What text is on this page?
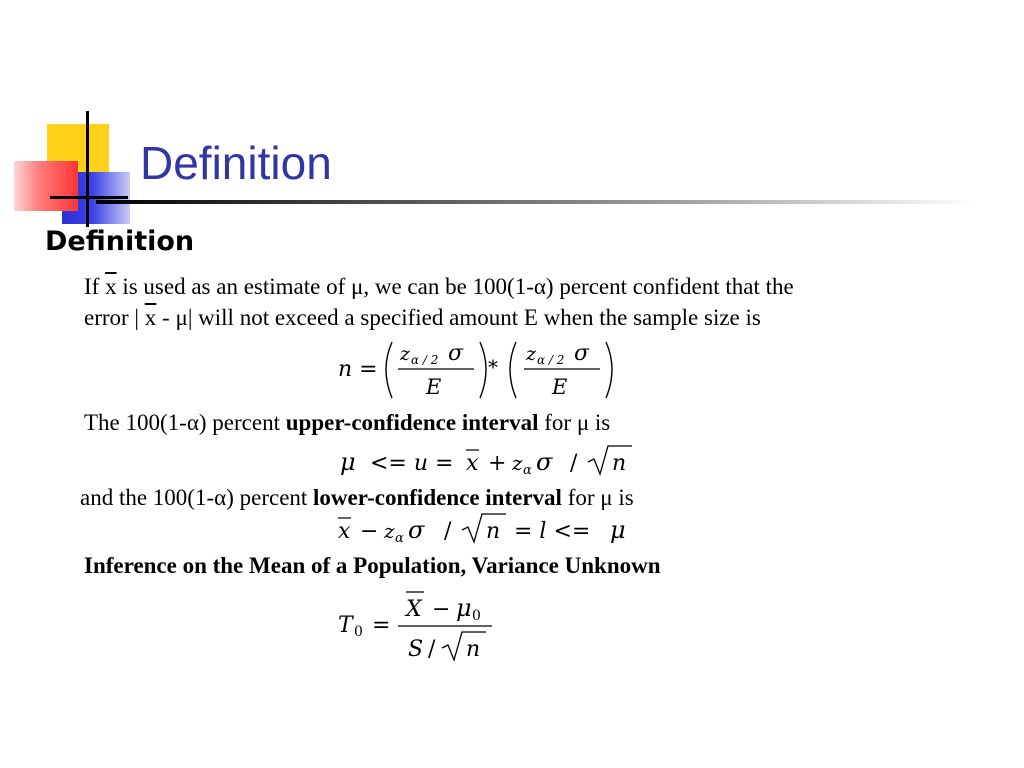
Definition
Definition
If $\overline{x}$ is used as an estimate of μ, we can be 100(1-α) percent confident that the
error | $\overline{x} - \mu|$ will not exceed a specified amount E when the sample size is
n =
z α / 2 σ
E
*
z α / 2 σ
E
The 100(1-α) percent upper-confidence interval for μ is
μ <= u = x + z α σ / n
and the 100(1-α) percent lower-confidence interval for μ is
x − z α σ / n = l <= μ
Inference on the Mean of a Population, Variance Unknown
T 0 =
X − μ 0
S / n
